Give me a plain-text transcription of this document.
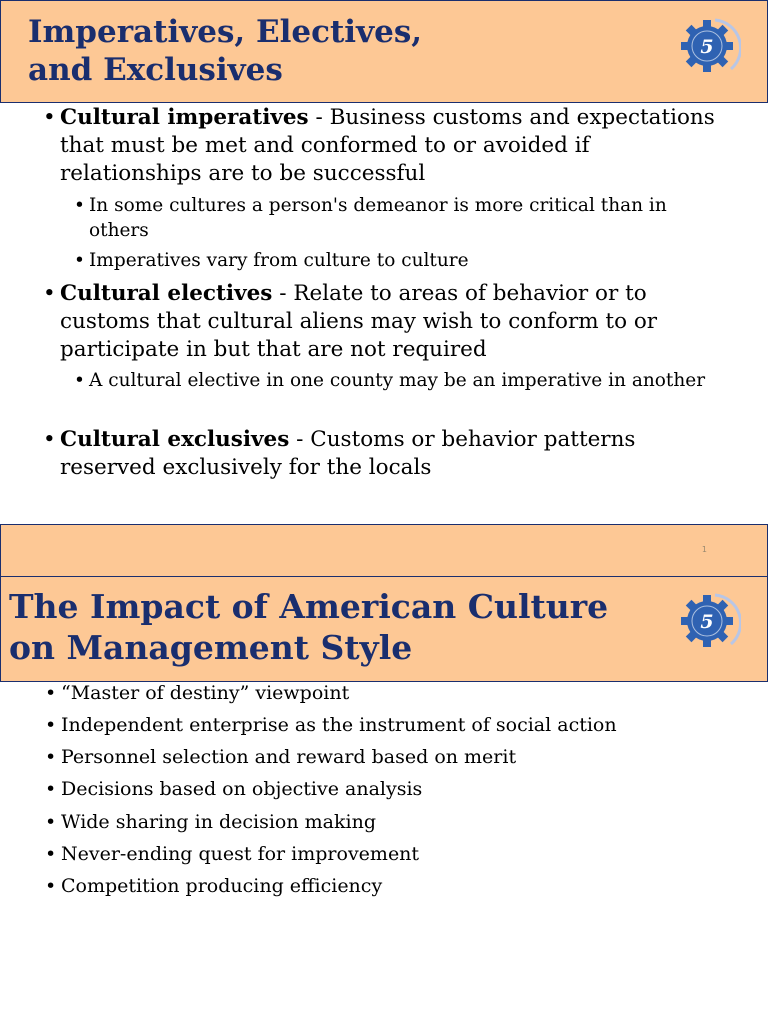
Imperatives, Electives,
and Exclusives
5
• Cultural imperatives - Business customs and expectations that must be met and conformed to or avoided if relationships are to be successful
• In some cultures a person's demeanor is more critical than in others
• Imperatives vary from culture to culture
• Cultural electives - Relate to areas of behavior or to customs that cultural aliens may wish to conform to or participate in but that are not required
• A cultural elective in one county may be an imperative in another
• Cultural exclusives - Customs or behavior patterns reserved exclusively for the locals
1
The Impact of American Culture
on Management Style
5
• “Master of destiny” viewpoint
• Independent enterprise as the instrument of social action
• Personnel selection and reward based on merit
• Decisions based on objective analysis
• Wide sharing in decision making
• Never-ending quest for improvement
• Competition producing efficiency
